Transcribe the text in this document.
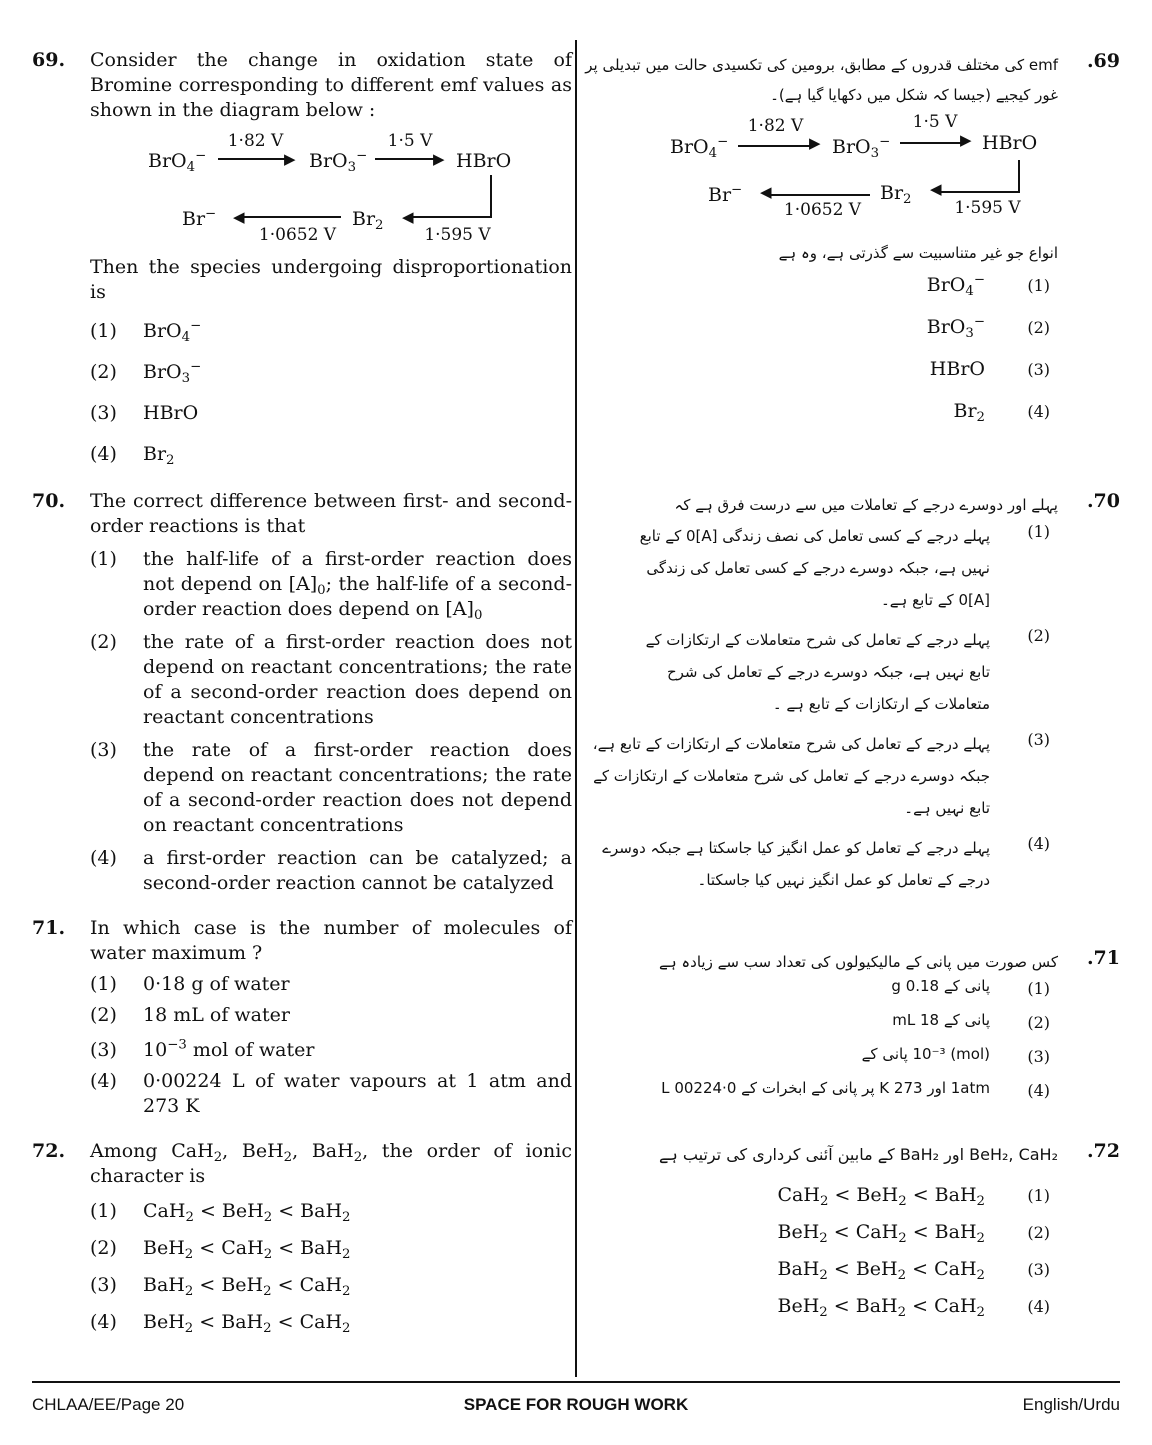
69. Consider the change in oxidation state of Bromine corresponding to different emf values as shown in the diagram below :
BrO$_4$−
1·82 V
▶ BrO$_3$−
1·5 V
▶ HBrO
◀
1·595 V
$Br_2$
◀
1·0652 V
Br−
Then the species undergoing disproportionation is
(1) BrO$_4$−
(2) BrO$_3$−
(3) HBrO
(4) $Br_2$
70. The correct difference between first- and second-order reactions is that
(1) the half-life of a first-order reaction does not depend on $[A]_0$; the half-life of a second-order reaction does depend on $[A]_0$
(2) the rate of a first-order reaction does not depend on reactant concentrations; the rate of a second-order reaction does depend on reactant concentrations
(3) the rate of a first-order reaction does depend on reactant concentrations; the rate of a second-order reaction does not depend on reactant concentrations
(4) a first-order reaction can be catalyzed; a second-order reaction cannot be catalyzed
71. In which case is the number of molecules of water maximum ?
(1) 0·18 g of water
(2) 18 mL of water
(3) $10^{-3}$ mol of water
(4) 0·00224 L of water vapours at 1 atm and 273 K
72. Among CaH$_2$, BeH$_2$, BaH$_2$, the order of ionic character is
(1) CaH$_2$ < BeH$_2$ < BaH$_2$
(2) BeH$_2$ < CaH$_2$ < BaH$_2$
(3) BaH$_2$ < BeH$_2$ < CaH$_2$
(4) BeH$_2$ < BaH$_2$ < CaH$_2$
.69
emf کی مختلف قدروں کے مطابق، برومین کی تکسیدی حالت میں تبدیلی پر غور کیجیے (جیسا کہ شکل میں دکھایا گیا ہے)۔
BrO$_4$−
1·82 V
▶ BrO$_3$−
1·5 V
▶ HBrO
◀
1·595 V
$Br_2$
◀
1·0652 V
Br−
انواع جو غیر متناسبیت سے گذرتی ہے، وہ ہے
(1)
BrO$_4$−
(2)
BrO$_3$−
(3)
HBrO
(4)
$Br_2$
.70
پہلے اور دوسرے درجے کے تعاملات میں سے درست فرق ہے کہ
(1)
پہلے درجے کے کسی تعامل کی نصف زندگی [A]0 کے تابع نہیں ہے، جبکہ دوسرے درجے کے کسی تعامل کی زندگی [A]0 کے تابع ہے۔
(2)
پہلے درجے کے تعامل کی شرح متعاملات کے ارتکازات کے تابع نہیں ہے، جبکہ دوسرے درجے کے تعامل کی شرح متعاملات کے ارتکازات کے تابع ہے ۔
(3)
پہلے درجے کے تعامل کی شرح متعاملات کے ارتکازات کے تابع ہے، جبکہ دوسرے درجے کے تعامل کی شرح متعاملات کے ارتکازات کے تابع نہیں ہے۔
(4)
پہلے درجے کے تعامل کو عمل انگیز کیا جاسکتا ہے جبکہ دوسرے درجے کے تعامل کو عمل انگیز نہیں کیا جاسکتا۔
.71
کس صورت میں پانی کے مالیکیولوں کی تعداد سب سے زیادہ ہے
(1)
پانی کے 0.18 g
(2)
پانی کے 18 mL
(3)
(mol) 10⁻³ پانی کے
(4)
1atm اور 273 K پر پانی کے ابخرات کے 0·00224 L
.72
BeH₂, CaH₂ اور BaH₂ کے مابین آئنی کرداری کی ترتیب ہے
(1)
CaH$_2$ < BeH$_2$ < BaH$_2$
(2)
BeH$_2$ < CaH$_2$ < BaH$_2$
(3)
BaH$_2$ < BeH$_2$ < CaH$_2$
(4)
BeH$_2$ < BaH$_2$ < CaH$_2$
CHLAA/EE/Page 20	SPACE FOR ROUGH WORK	English/Urdu
